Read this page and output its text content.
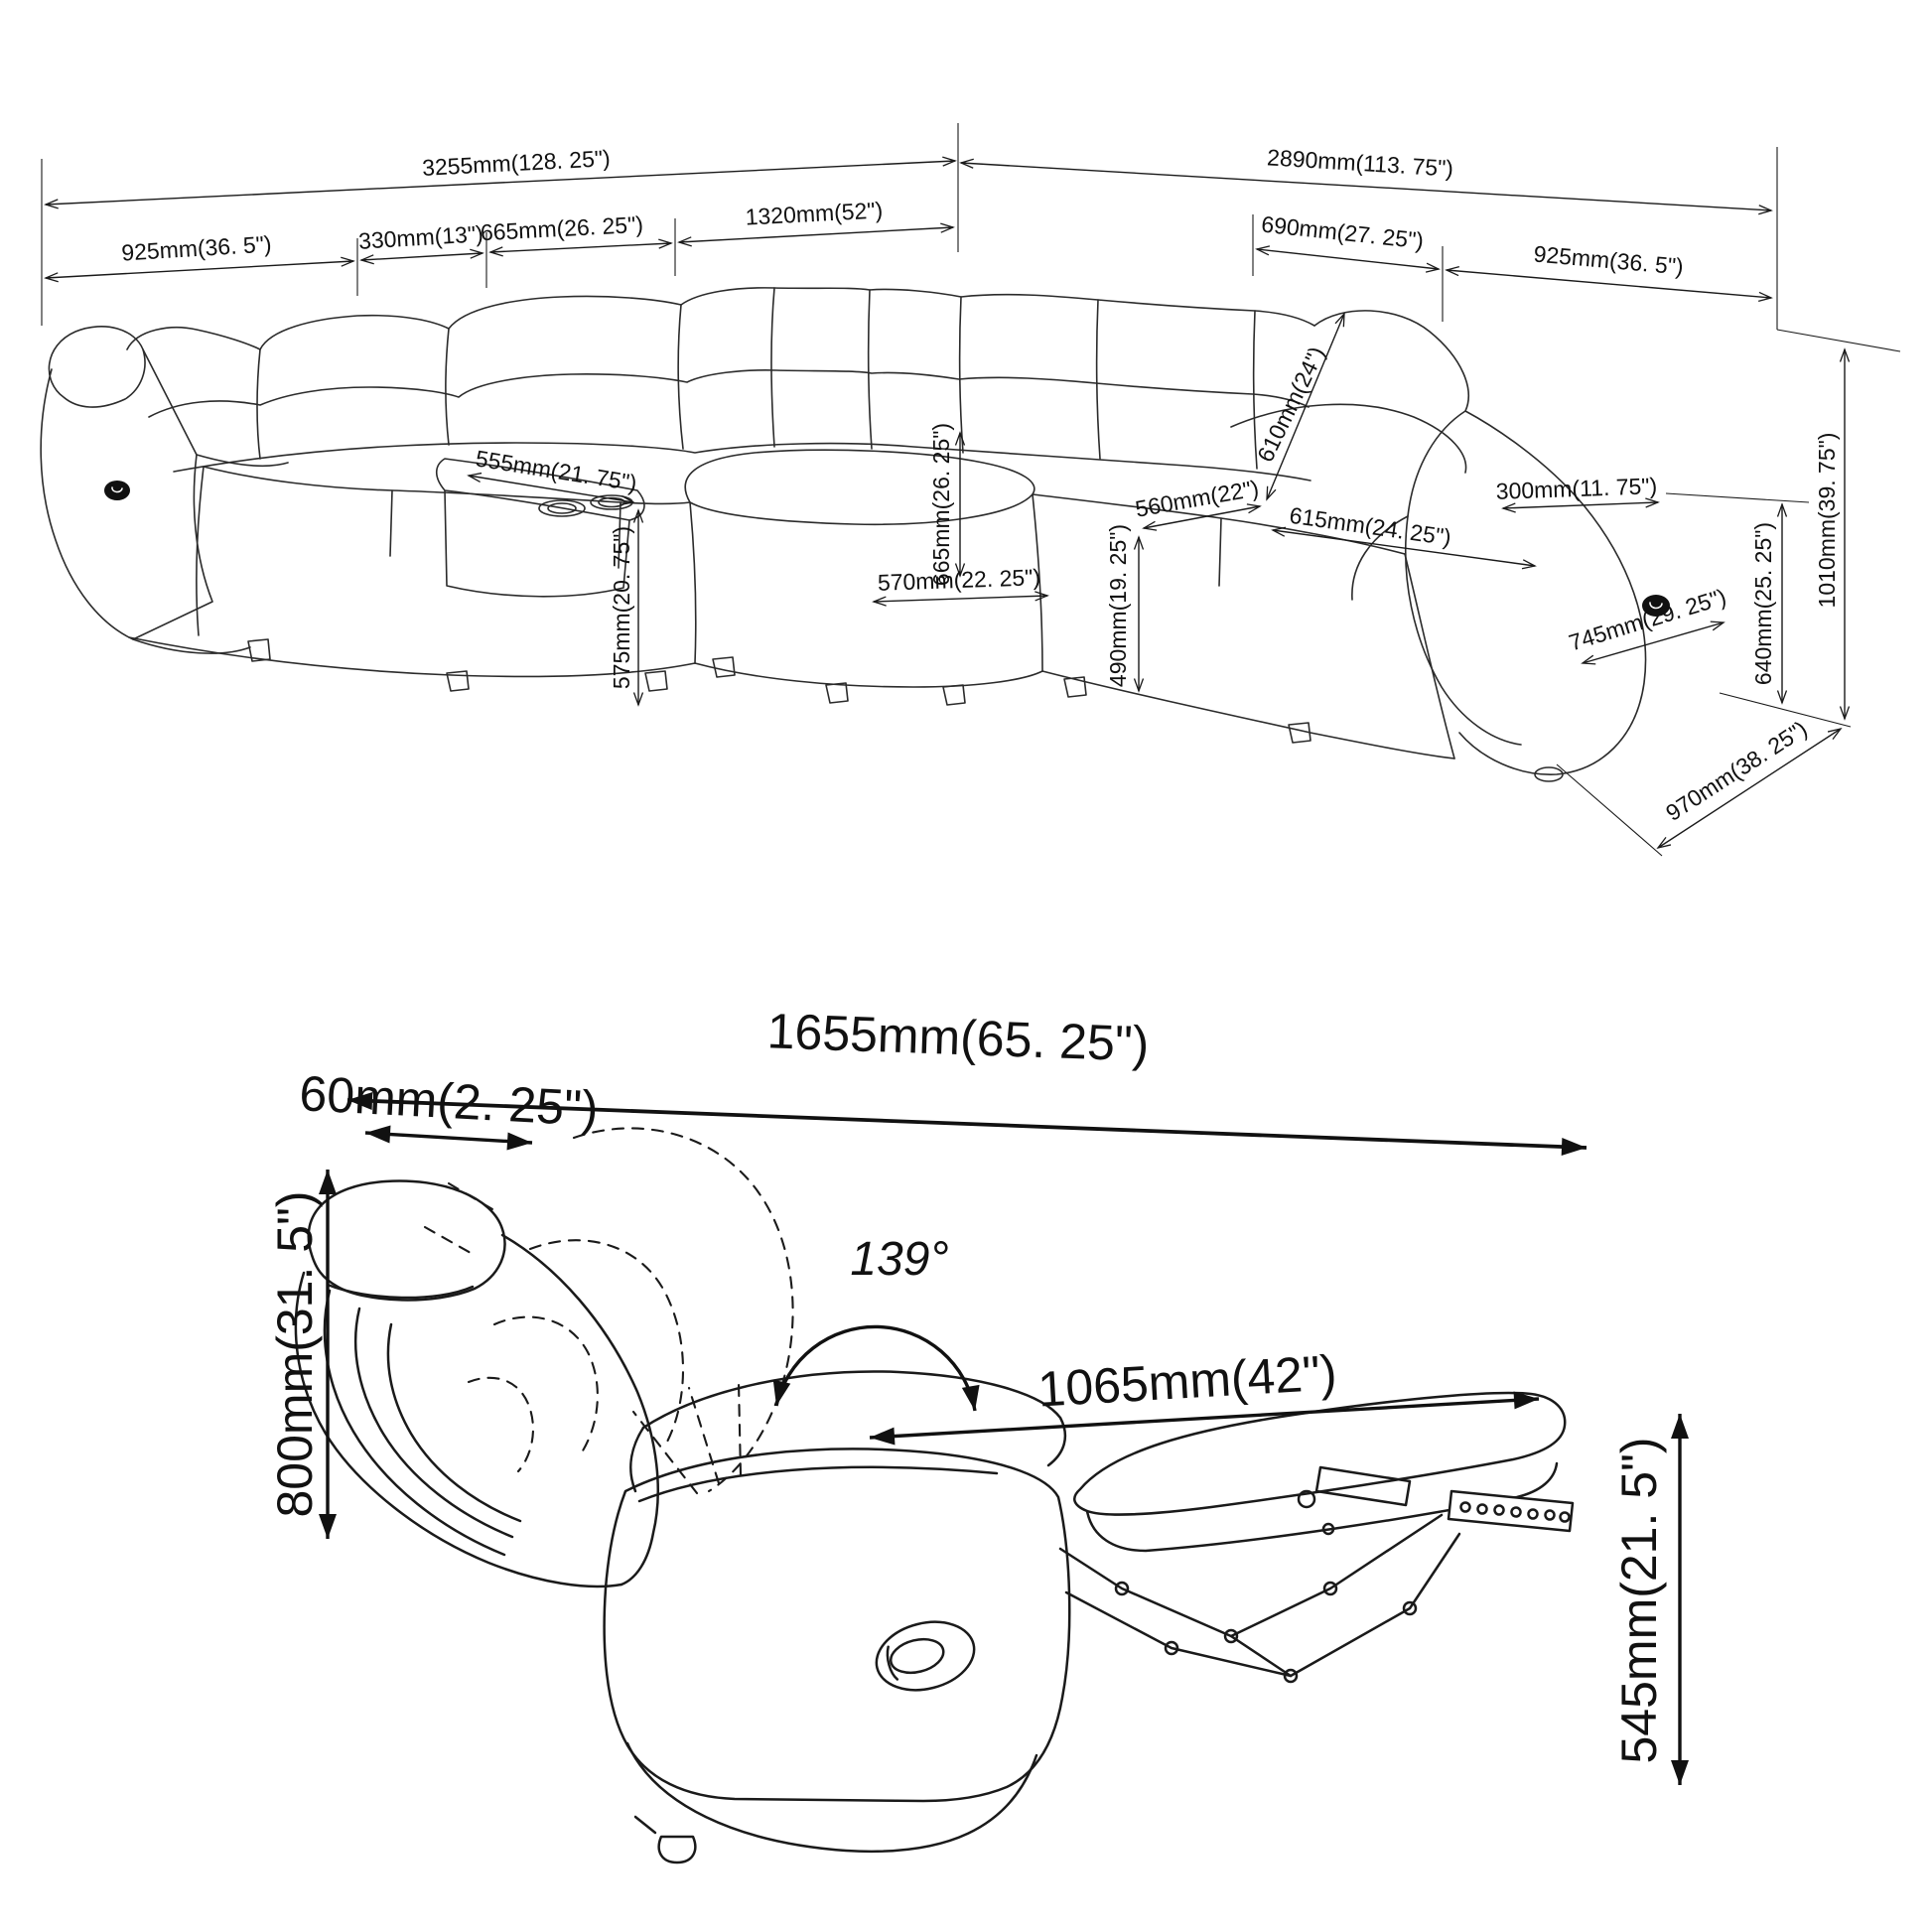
3255mm(128. 25")	2890mm(113. 75")
925mm(36. 5")	330mm(13")
665mm(26. 25")	1320mm(52")	690mm(27. 25")
925mm(36. 5")
555mm(21. 75")
575mm(20. 75")
665mm(26. 25")
570mm(22. 25")	490mm(19. 25")
560mm(22")
610mm(24")
615mm(24. 25")
300mm(11. 75")
745mm(29. 25") 640mm(25. 25") 1010mm(39. 75")
970mm(38. 25")
1655mm(65. 25")
60mm(2. 25")
139°
1065mm(42")
800mm(31. 5")
545mm(21. 5")
